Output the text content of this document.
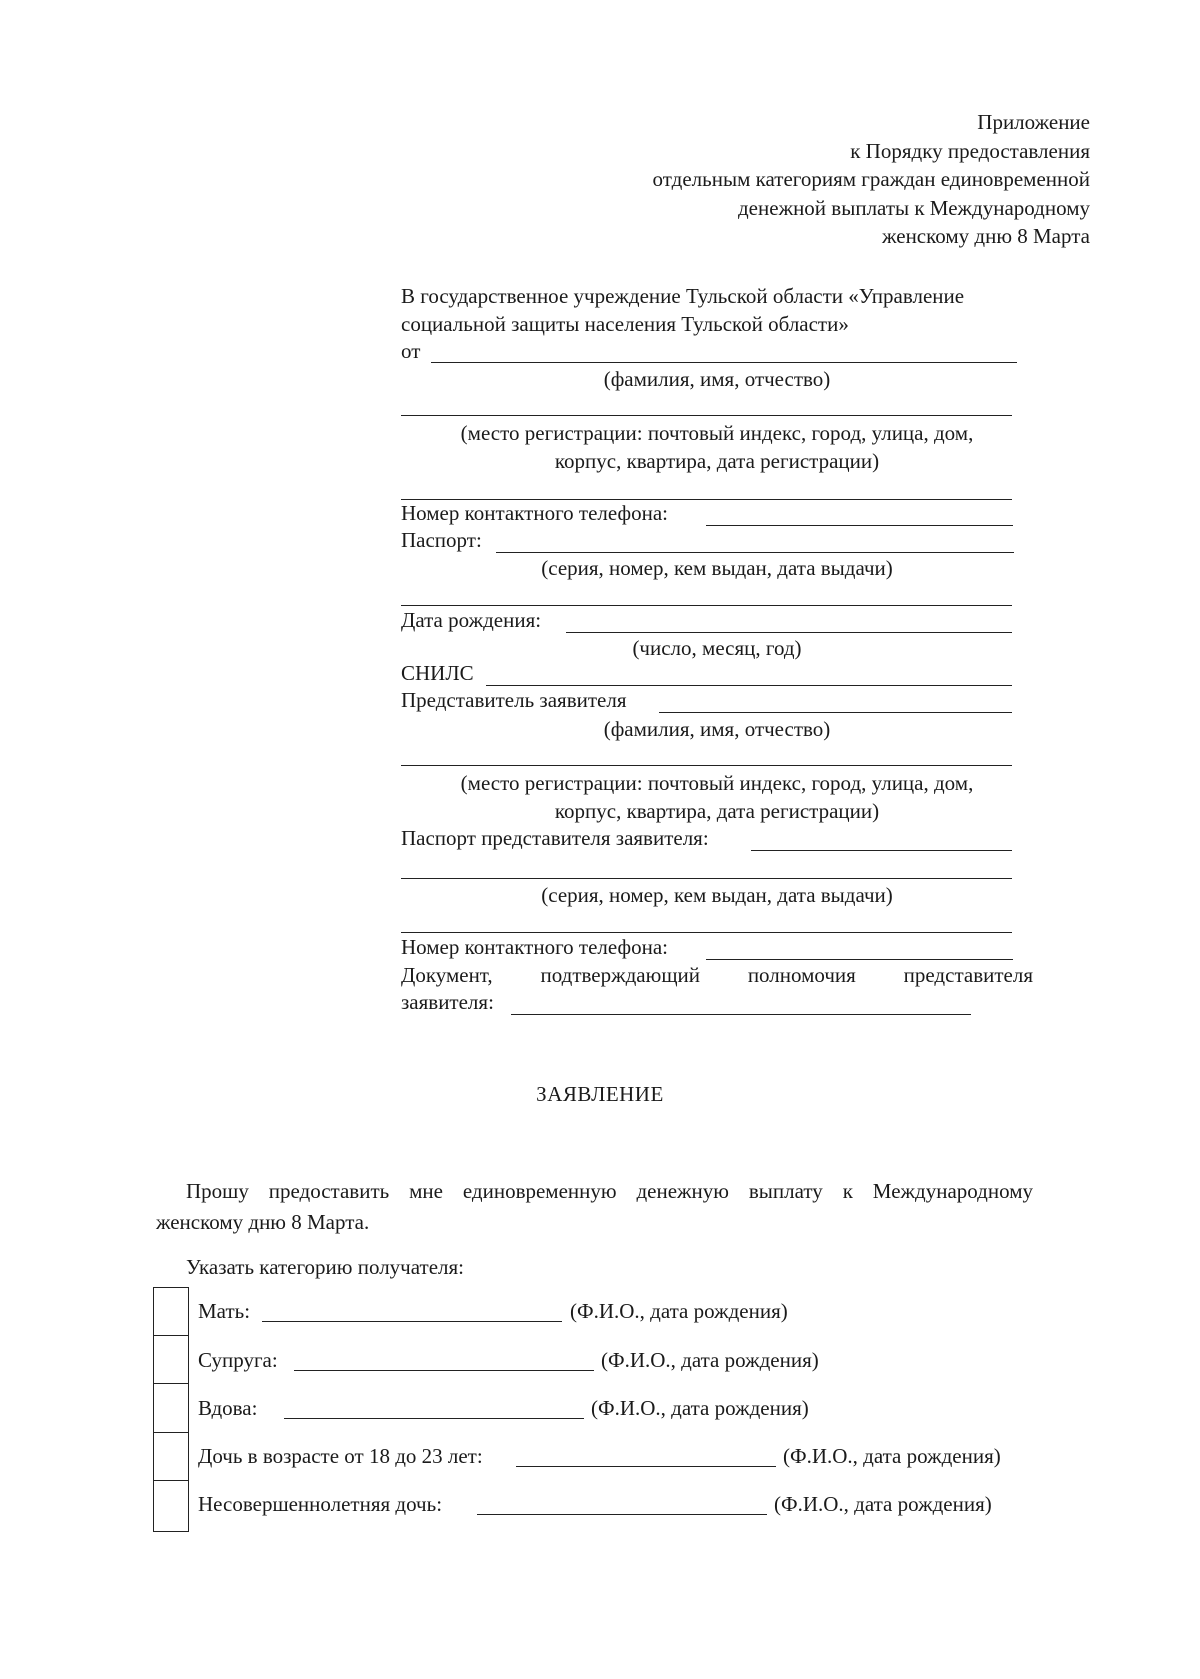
Приложение
к Порядку предоставления
отдельным категориям граждан единовременной
денежной выплаты к Международному
женскому дню 8 Марта
В государственное учреждение Тульской области «Управление социальной защиты населения Тульской области»
от
(фамилия, имя, отчество)
(место регистрации: почтовый индекс, город, улица, дом,
корпус, квартира, дата регистрации)
Номер контактного телефона:
Паспорт:
(серия, номер, кем выдан, дата выдачи)
Дата рождения:
(число, месяц, год)
СНИЛС
Представитель заявителя
(фамилия, имя, отчество)
(место регистрации: почтовый индекс, город, улица, дом,
корпус, квартира, дата регистрации)
Паспорт представителя заявителя:
(серия, номер, кем выдан, дата выдачи)
Номер контактного телефона:
Документ, подтверждающий полномочия представителя
заявителя:
ЗАЯВЛЕНИЕ
Прошу предоставить мне единовременную денежную выплату к Международному
женскому дню 8 Марта.
Указать категорию получателя:
Мать:	(Ф.И.О., дата рождения)
Супруга:	(Ф.И.О., дата рождения)
Вдова:	(Ф.И.О., дата рождения)
Дочь в возрасте от 18 до 23 лет:	(Ф.И.О., дата рождения)
Несовершеннолетняя дочь:	(Ф.И.О., дата рождения)
